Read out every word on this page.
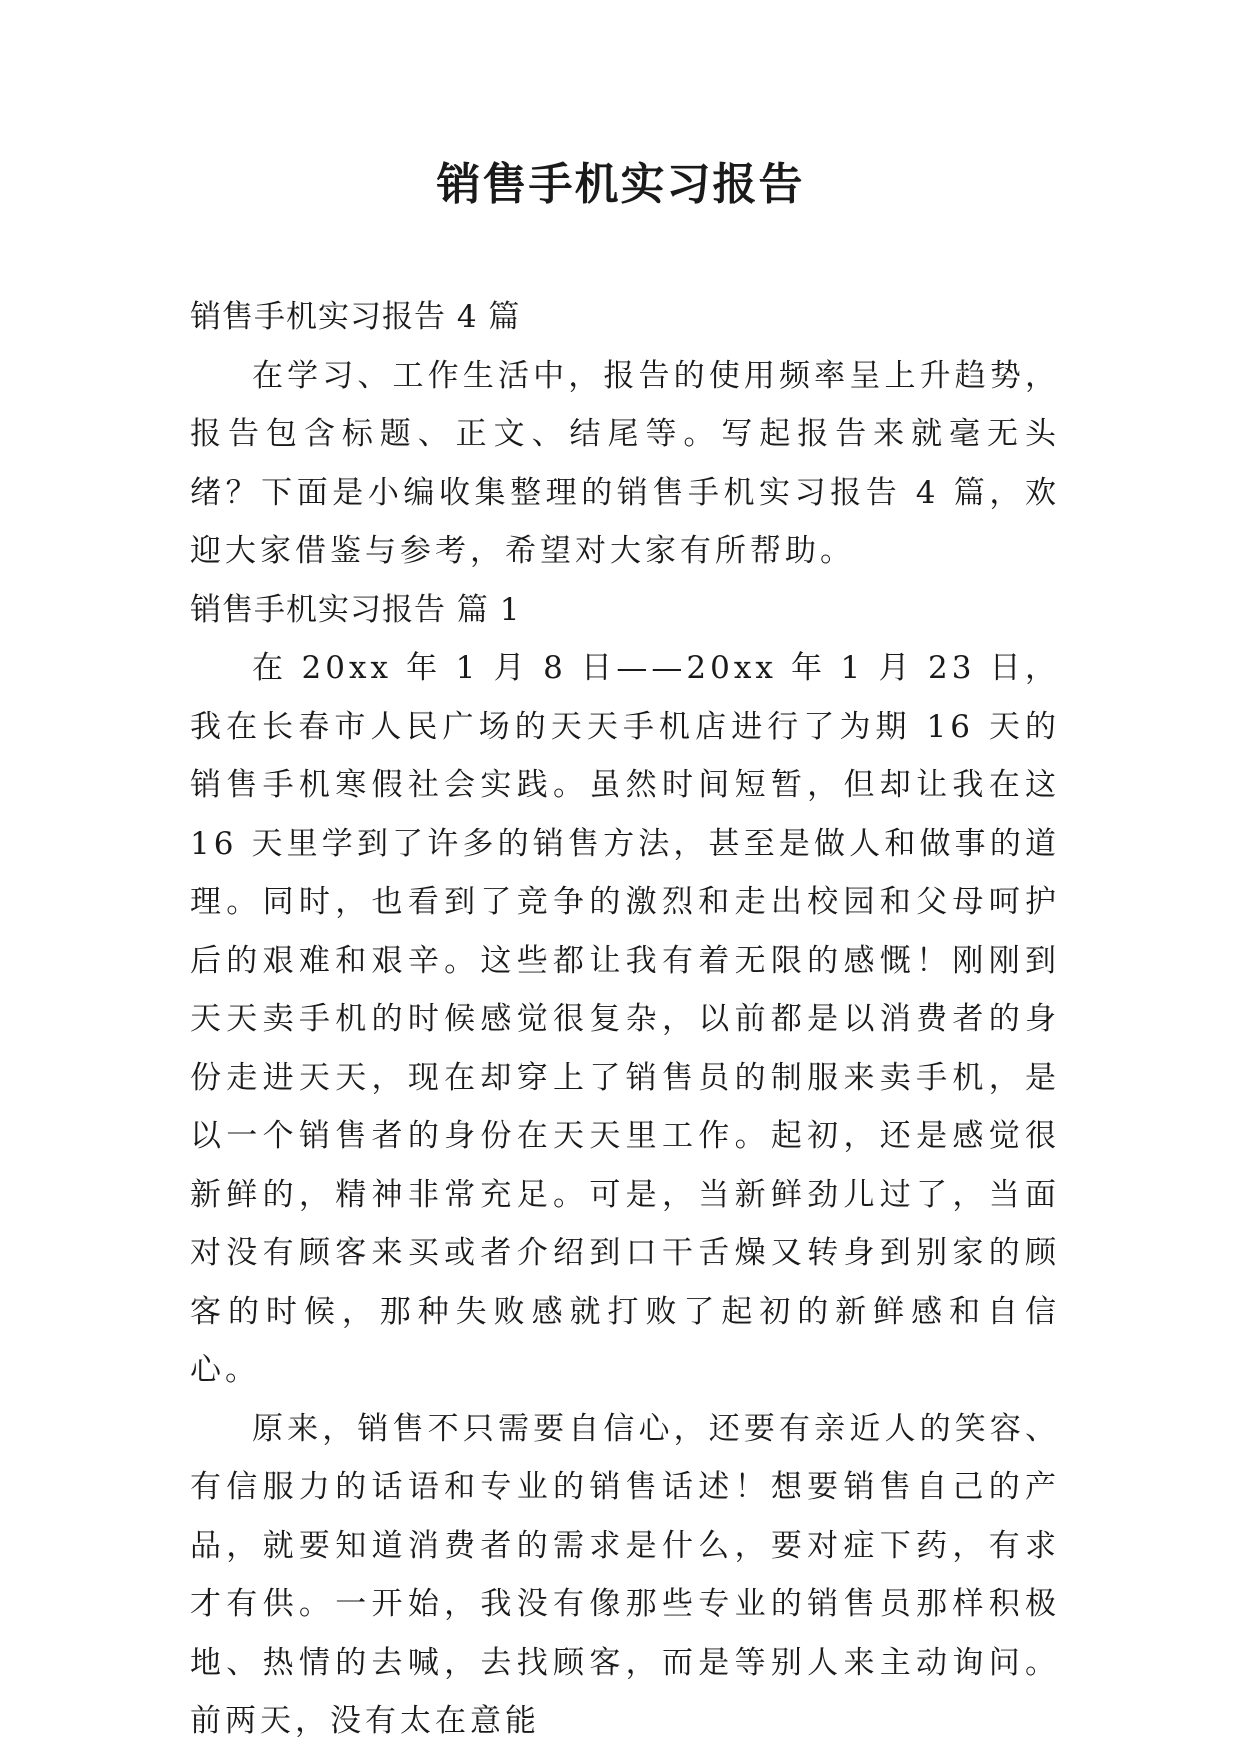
销售手机实习报告

销售手机实习报告 4 篇

在学习、工作生活中，报告的使用频率呈上升趋势，报告包含标题、正文、结尾等。写起报告来就毫无头绪？下面是小编收集整理的销售手机实习报告 4 篇，欢迎大家借鉴与参考，希望对大家有所帮助。

销售手机实习报告 篇 1

在 20xx 年 1 月 8 日——20xx 年 1 月 23 日，我在长春市人民广场的天天手机店进行了为期 16 天的销售手机寒假社会实践。虽然时间短暂，但却让我在这 16 天里学到了许多的销售方法，甚至是做人和做事的道理。同时，也看到了竞争的激烈和走出校园和父母呵护后的艰难和艰辛。这些都让我有着无限的感慨！刚刚到天天卖手机的时候感觉很复杂，以前都是以消费者的身份走进天天，现在却穿上了销售员的制服来卖手机，是以一个销售者的身份在天天里工作。起初，还是感觉很新鲜的，精神非常充足。可是，当新鲜劲儿过了，当面对没有顾客来买或者介绍到口干舌燥又转身到别家的顾客的时候，那种失败感就打败了起初的新鲜感和自信心。

原来，销售不只需要自信心，还要有亲近人的笑容、有信服力的话语和专业的销售话述！想要销售自己的产品，就要知道消费者的需求是什么，要对症下药，有求才有供。一开始，我没有像那些专业的销售员那样积极地、热情的去喊，去找顾客，而是等别人来主动询问。前两天，没有太在意能
